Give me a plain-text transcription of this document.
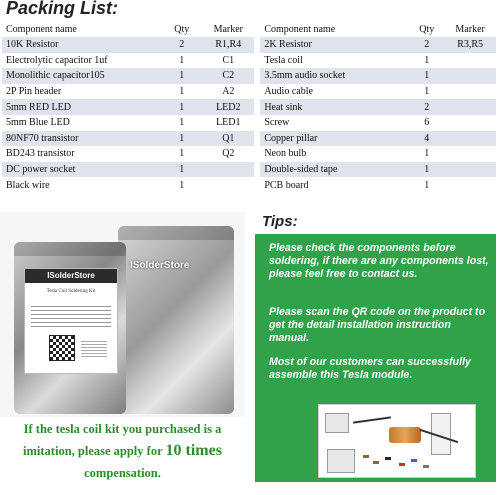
Packing List:
Component name	Qty	Marker		Component name	Qty	Marker
10K Resistor	2	R1,R4		2K Resistor	2	R3,R5
Electrolytic capacitor 1uf	1	C1		Tesla coil	1	
Monolithic capacitor105	1	C2		3.5mm audio socket	1	
2P Pin header	1	A2		Audio cable	1	
5mm RED LED	1	LED2		Heat sink	2	
5mm Blue LED	1	LED1		Screw	6	
80NF70 transistor	1	Q1		Copper pillar	4	
BD243 transistor	1	Q2		Neon bulb	1	
DC power socket	1			Double-sided tape	1	
Black wire	1			PCB board	1	
ISolderStore
ISolderStore
Tesla Coil Soldering Kit
If the tesla coil kit you purchased is a
imitation, please apply for 10 times
compensation.
Tips:

Please check the components before soldering, if there are any components lost, please feel free to contact us.

Please scan the QR code on the product to get the detail installation instruction manual.

Most of our customers can successfully assemble this Tesla module.
